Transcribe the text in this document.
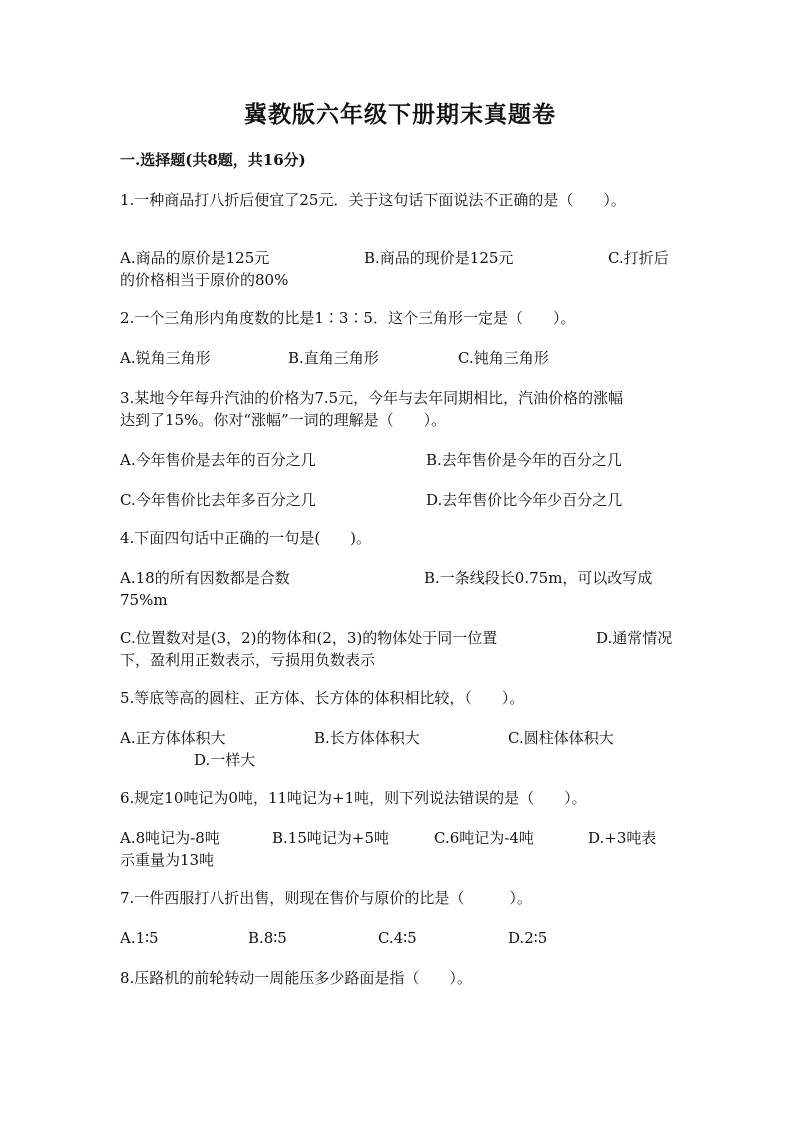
冀教版六年级下册期末真题卷
一.选择题(共8题，共16分)
1.一种商品打八折后便宜了25元．关于这句话下面说法不正确的是（　　）。
A.商品的原价是125元	B.商品的现价是125元	C.打折后
的价格相当于原价的80%
2.一个三角形内角度数的比是1∶3∶5．这个三角形一定是（　　）。
A.锐角三角形	B.直角三角形	C.钝角三角形
3.某地今年每升汽油的价格为7.5元，今年与去年同期相比，汽油价格的涨幅
达到了15%。你对“涨幅”一词的理解是（　　）。
A.今年售价是去年的百分之几	B.去年售价是今年的百分之几
C.今年售价比去年多百分之几	D.去年售价比今年少百分之几
4.下面四句话中正确的一句是(　　)。
A.18的所有因数都是合数	B.一条线段长0.75m，可以改写成
75%m
C.位置数对是(3，2)的物体和(2，3)的物体处于同一位置	D.通常情况
下，盈利用正数表示，亏损用负数表示
5.等底等高的圆柱、正方体、长方体的体积相比较，（　　）。
A.正方体体积大	B.长方体体积大	C.圆柱体体积大
D.一样大
6.规定10吨记为0吨，11吨记为+1吨，则下列说法错误的是（　　）。
A.8吨记为-8吨	B.15吨记为+5吨	C.6吨记为-4吨	D.+3吨表
示重量为13吨
7.一件西服打八折出售，则现在售价与原价的比是（　　　）。
A.1∶5	B.8∶5	C.4∶5	D.2∶5
8.压路机的前轮转动一周能压多少路面是指（　　）。
